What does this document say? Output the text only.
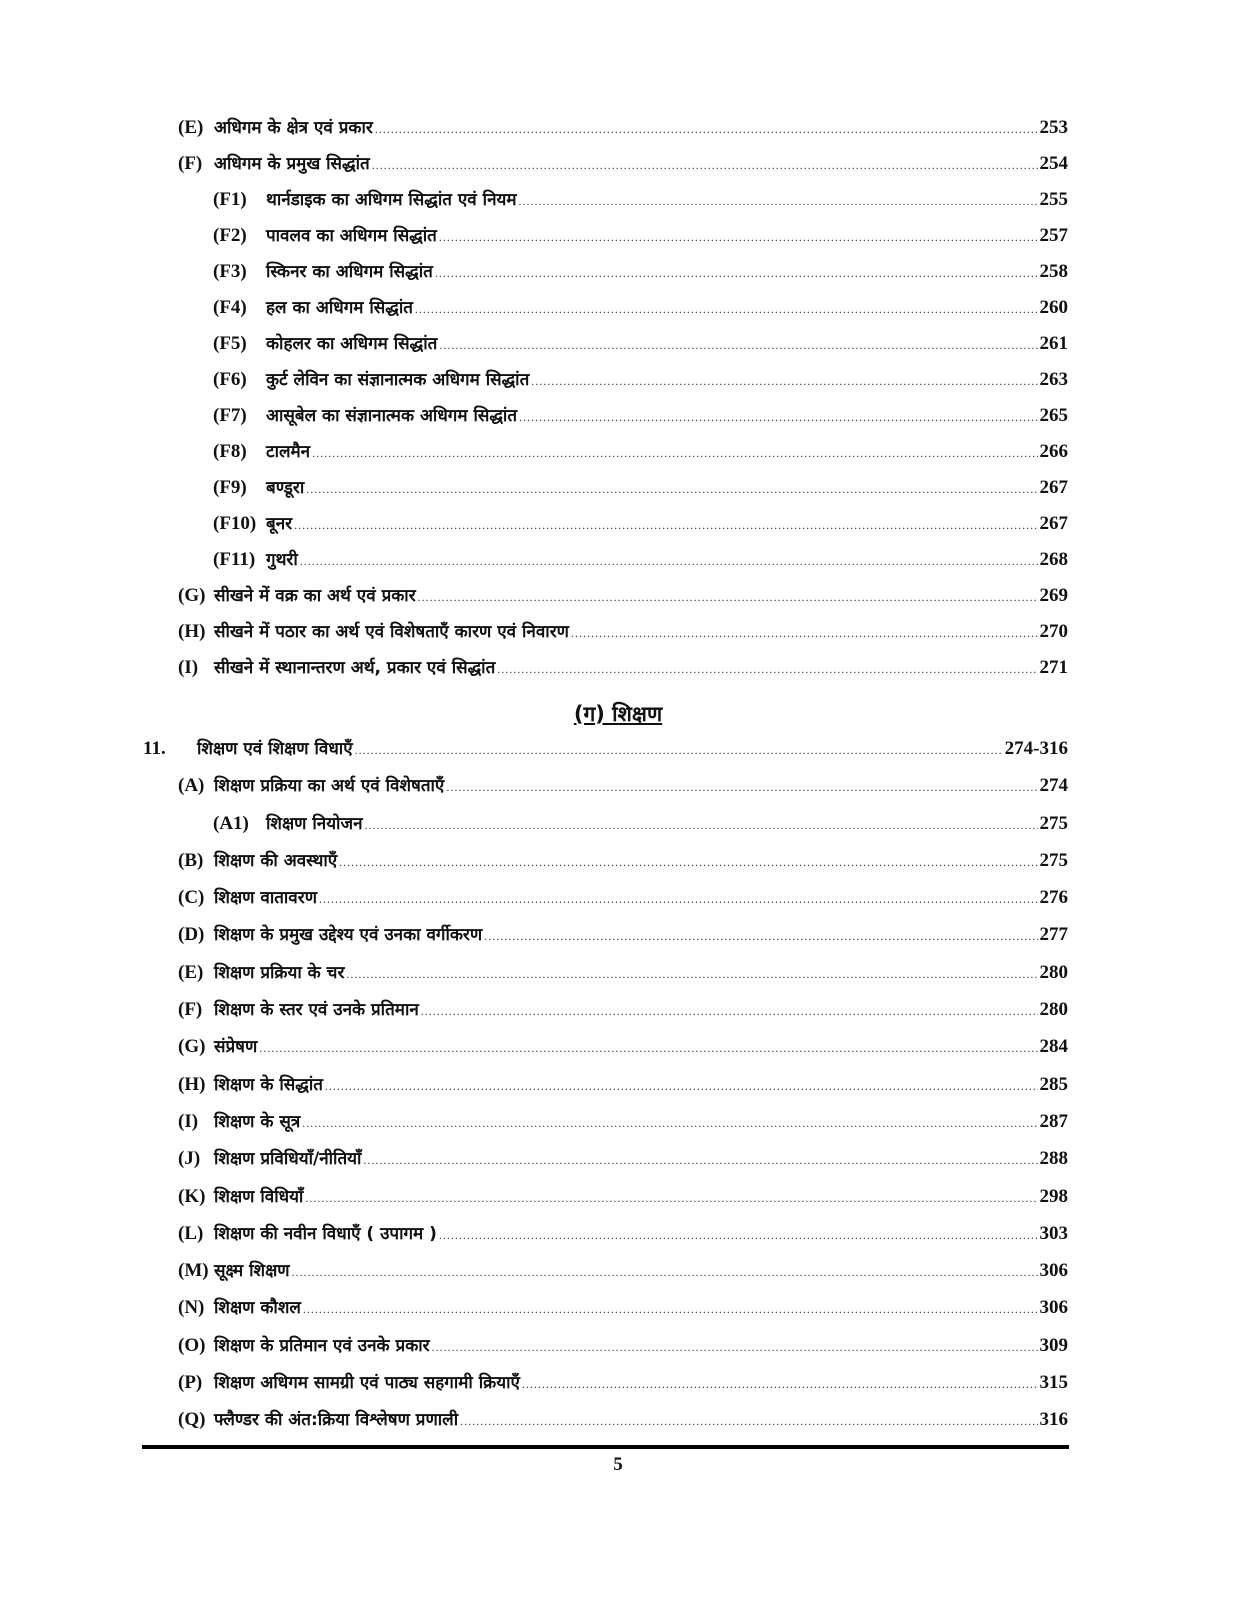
(E) अधिगम के क्षेत्र एवं प्रकार .....	253
(F) अधिगम के प्रमुख सिद्धांत .....	254
(F1)	थार्नडाइक का अधिगम सिद्धांत एवं नियम .....	255
(F2)	पावलव का अधिगम सिद्धांत .....	257
(F3)	स्किनर का अधिगम सिद्धांत .....	258
(F4)	हल का अधिगम सिद्धांत .....	260
(F5)	कोहलर का अधिगम सिद्धांत .....	261
(F6)	कुर्ट लेविन का संज्ञानात्मक अधिगम सिद्धांत .....	263
(F7)	आसूबेल का संज्ञानात्मक अधिगम सिद्धांत .....	265
(F8)	टालमैन .....	266
(F9)	बण्डूरा .....	267
(F10) बूनर .....	267
(F11) गुथरी .....	268
(G) सीखने में वक्र का अर्थ एवं प्रकार .....	269
(H) सीखने में पठार का अर्थ एवं विशेषताएँ कारण एवं निवारण .....	270
(I) सीखने में स्थानान्तरण अर्थ, प्रकार एवं सिद्धांत .....	271
(ग) शिक्षण
11.	शिक्षण एवं शिक्षण विधाएँ .....	274-316
(A) शिक्षण प्रक्रिया का अर्थ एवं विशेषताएँ .....	274
(A1)	शिक्षण नियोजन .....	275
(B) शिक्षण की अवस्थाएँ .....	275
(C) शिक्षण वातावरण .....	276
(D) शिक्षण के प्रमुख उद्देश्य एवं उनका वर्गीकरण .....	277
(E) शिक्षण प्रक्रिया के चर .....	280
(F) शिक्षण के स्तर एवं उनके प्रतिमान .....	280
(G) संप्रेषण .....	284
(H) शिक्षण के सिद्धांत .....	285
(I) शिक्षण के सूत्र .....	287
(J) शिक्षण प्रविधियाँ/नीतियाँ .....	288
(K) शिक्षण विधियाँ .....	298
(L) शिक्षण की नवीन विधाएँ ( उपागम ) .....	303
(M) सूक्ष्म शिक्षण .....	306
(N) शिक्षण कौशल .....	306
(O) शिक्षण के प्रतिमान एवं उनके प्रकार .....	309
(P) शिक्षण अधिगम सामग्री एवं पाठ्य सहगामी क्रियाएँ .....	315
(Q) फ्लैण्डर की अंत:क्रिया विश्लेषण प्रणाली .....	316
5
